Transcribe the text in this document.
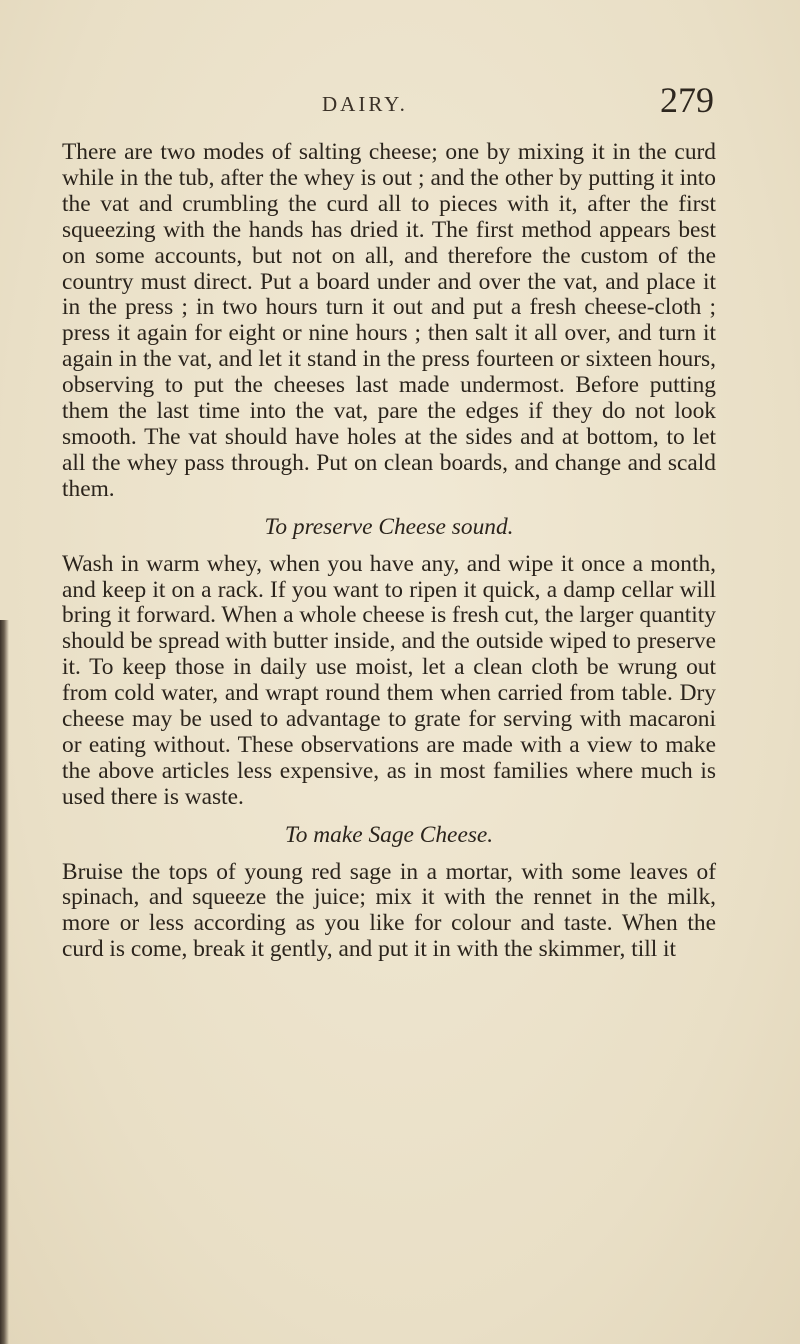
DAIRY.	279

There are two modes of salting cheese; one by mixing it in the curd while in the tub, after the whey is out ; and the other by putting it into the vat and crumbling the curd all to pieces with it, after the first squeezing with the hands has dried it. The first method appears best on some accounts, but not on all, and therefore the custom of the country must direct. Put a board under and over the vat, and place it in the press ; in two hours turn it out and put a fresh cheese-cloth ; press it again for eight or nine hours ; then salt it all over, and turn it again in the vat, and let it stand in the press fourteen or sixteen hours, observing to put the cheeses last made undermost. Before putting them the last time into the vat, pare the edges if they do not look smooth. The vat should have holes at the sides and at bottom, to let all the whey pass through. Put on clean boards, and change and scald them.

To preserve Cheese sound.

Wash in warm whey, when you have any, and wipe it once a month, and keep it on a rack. If you want to ripen it quick, a damp cellar will bring it forward. When a whole cheese is fresh cut, the larger quantity should be spread with butter inside, and the outside wiped to preserve it. To keep those in daily use moist, let a clean cloth be wrung out from cold water, and wrapt round them when carried from table. Dry cheese may be used to advantage to grate for serving with macaroni or eating without. These observations are made with a view to make the above articles less expensive, as in most families where much is used there is waste.

To make Sage Cheese.

Bruise the tops of young red sage in a mortar, with some leaves of spinach, and squeeze the juice; mix it with the rennet in the milk, more or less according as you like for colour and taste. When the curd is come, break it gently, and put it in with the skimmer, till it
